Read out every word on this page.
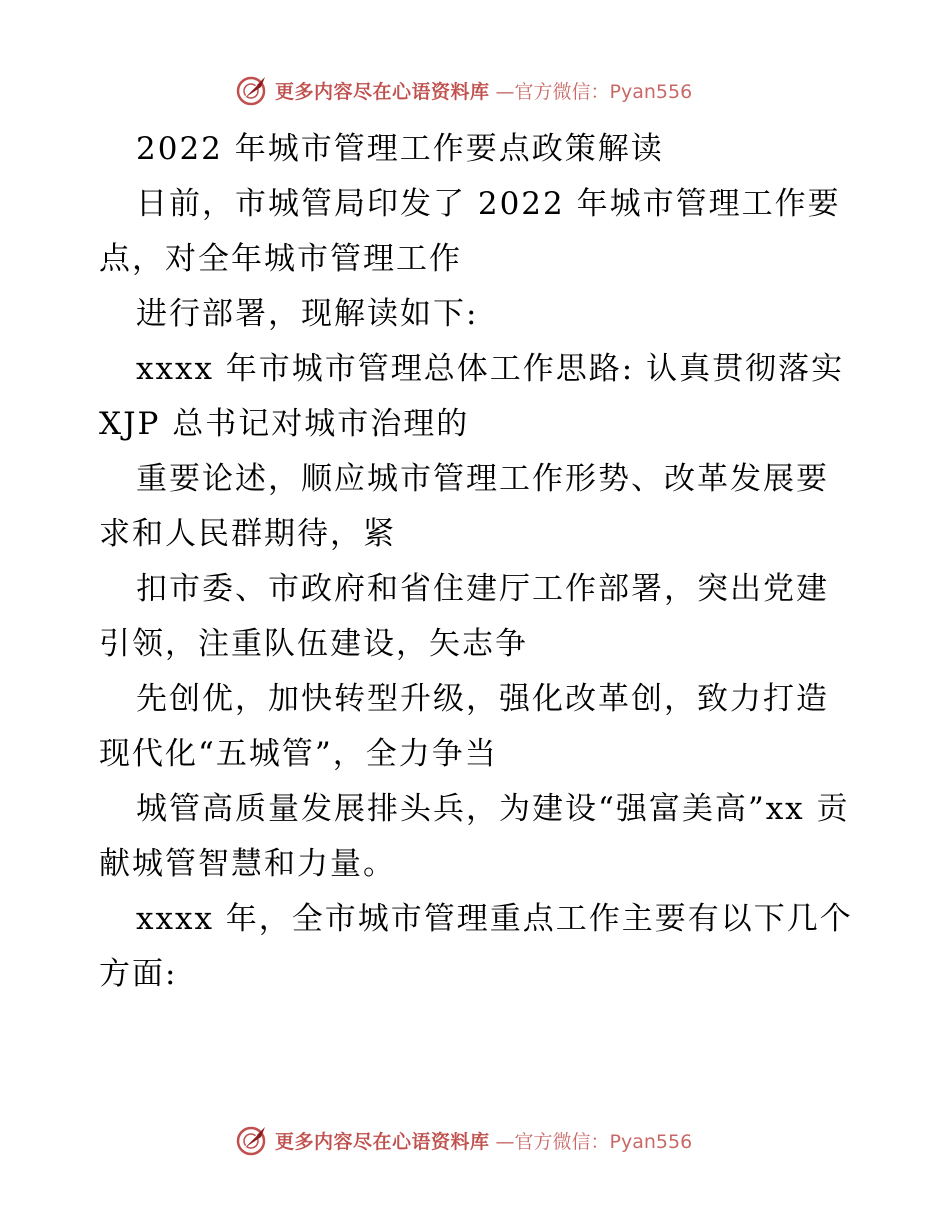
更多内容尽在心语资料库 —官方微信：Pyan556

2022 年城市管理工作要点政策解读

日前，市城管局印发了 2022 年城市管理工作要点，对全年城市管理工作

进行部署，现解读如下:

xxxx 年市城市管理总体工作思路: 认真贯彻落实 XJP 总书记对城市治理的

重要论述，顺应城市管理工作形势、改革发展要求和人民群期待，紧

扣市委、市政府和省住建厅工作部署，突出党建引领，注重队伍建设，矢志争

先创优，加快转型升级，强化改革创，致力打造现代化“五城管”，全力争当

城管高质量发展排头兵，为建设“强富美高”xx 贡献城管智慧和力量。

xxxx 年，全市城市管理重点工作主要有以下几个方面:

更多内容尽在心语资料库 —官方微信：Pyan556
